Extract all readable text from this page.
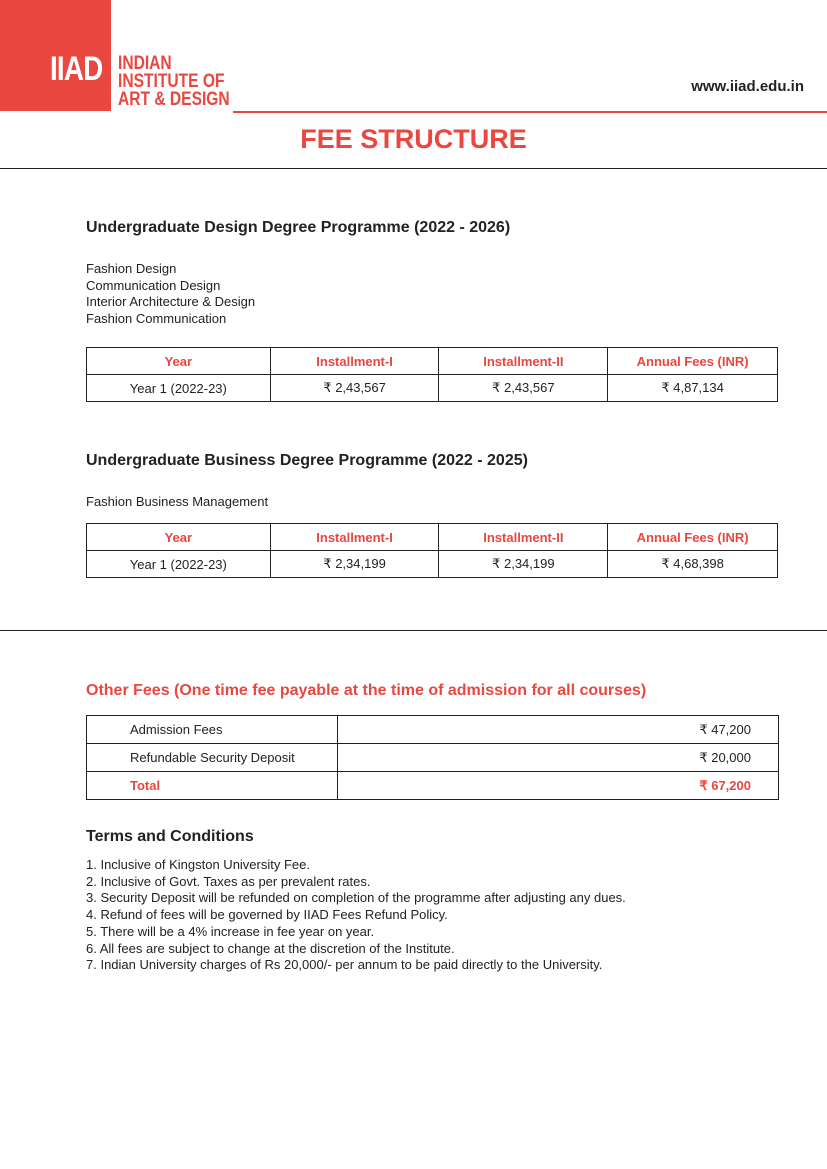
IIAD INDIAN
INSTITUTE OF
ART & DESIGN
www.iiad.edu.in
FEE STRUCTURE
Undergraduate Design Degree Programme (2022 - 2026)
Fashion Design
Communication Design
Interior Architecture & Design
Fashion Communication
Year	Installment-I	Installment-II	Annual Fees (INR)
Year 1 (2022-23)	₹ 2,43,567	₹ 2,43,567	₹ 4,87,134
Undergraduate Business Degree Programme (2022 - 2025)
Fashion Business Management
Year	Installment-I	Installment-II	Annual Fees (INR)
Year 1 (2022-23)	₹ 2,34,199	₹ 2,34,199	₹ 4,68,398
Other Fees (One time fee payable at the time of admission for all courses)
Admission Fees	₹ 47,200
Refundable Security Deposit	₹ 20,000
Total	₹ 67,200
Terms and Conditions
1. Inclusive of Kingston University Fee.
2. Inclusive of Govt. Taxes as per prevalent rates.
3. Security Deposit will be refunded on completion of the programme after adjusting any dues.
4. Refund of fees will be governed by IIAD Fees Refund Policy.
5. There will be a 4% increase in fee year on year.
6. All fees are subject to change at the discretion of the Institute.
7. Indian University charges of Rs 20,000/- per annum to be paid directly to the University.
